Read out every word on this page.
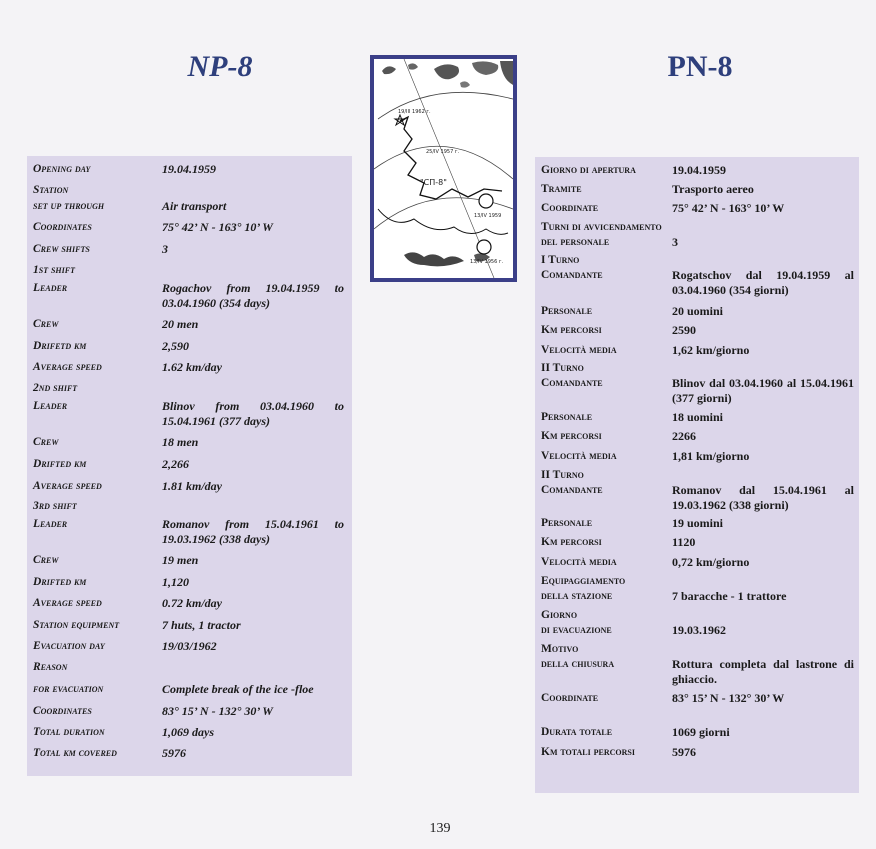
NP-8	PN-8
Opening day	19.04.1959
Station
set up through	Air transport
Coordinates	75° 42’ N - 163° 10’ W
Crew shifts	3
1st shift
Leader	Rogachov from 19.04.1959 to 03.04.1960 (354 days)
Crew	20 men
Drifetd km	2,590
Average speed	1.62 km/day
2nd shift
Leader	Blinov from 03.04.1960 to 15.04.1961 (377 days)
Crew	18 men
Drifted km	2,266
Average speed	1.81 km/day
3rd shift
Leader	Romanov from 15.04.1961 to 19.03.1962 (338 days)
Crew	19 men
Drifted km	1,120
Average speed	0.72 km/day
Station equipment	7 huts, 1 tractor
Evacuation day	19/03/1962
Reason
for evacuation	Complete break of the ice -floe
Coordinates	83° 15’ N - 132° 30’ W
Total duration	1,069 days
Total km covered	5976
19/III 1962 г.
25/IV 1957 г.
"СП-8"
13/IV 1959
13/IV 1956 г.
Giorno di apertura	19.04.1959
Tramite	Trasporto aereo
Coordinate	75° 42’ N - 163° 10’ W
Turni di avvicendamento
del personale	3
I Turno
Comandante	Rogatschov dal 19.04.1959 al 03.04.1960 (354 giorni)
Personale	20 uomini
Km percorsi	2590
Velocità media	1,62 km/giorno
II Turno
Comandante	Blinov dal 03.04.1960 al 15.04.1961 (377 giorni)
Personale	18 uomini
Km percorsi	2266
Velocità media	1,81 km/giorno
II Turno
Comandante	Romanov dal 15.04.1961 al 19.03.1962 (338 giorni)
Personale	19 uomini
Km percorsi	1120
Velocità media	0,72 km/giorno
Equipaggiamento
della stazione	7 baracche - 1 trattore
Giorno
di evacuazione	19.03.1962
Motivo
della chiusura	Rottura completa dal lastrone di ghiaccio.
Coordinate	83° 15’ N - 132° 30’ W
Durata totale	1069 giorni
Km totali percorsi	5976
139
